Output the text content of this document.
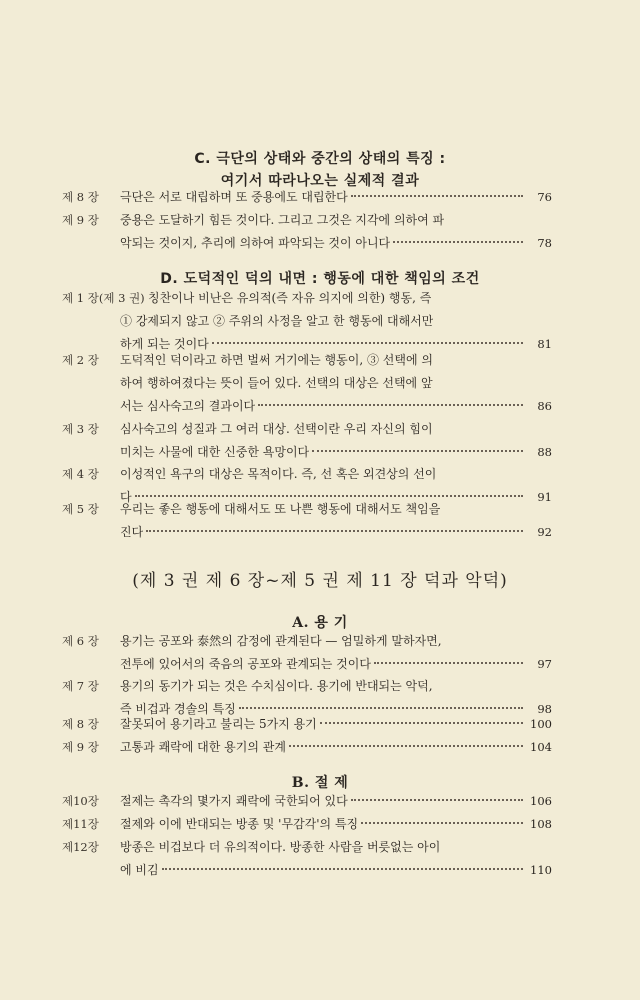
C. 극단의 상태와 중간의 상태의 특징 :
여기서 따라나오는 실제적 결과
제 8 장	극단은 서로 대립하며 또 중용에도 대립한다	76
제 9 장	중용은 도달하기 힘든 것이다. 그리고 그것은 지각에 의하여 파
악되는 것이지, 추리에 의하여 파악되는 것이 아니다	78
D. 도덕적인 덕의 내면 : 행동에 대한 책임의 조건
제 1 장(제 3 권) 칭찬이나 비난은 유의적(즉 자유 의지에 의한) 행동, 즉
① 강제되지 않고 ② 주위의 사정을 알고 한 행동에 대해서만
하게 되는 것이다	81
제 2 장	도덕적인 덕이라고 하면 벌써 거기에는 행동이, ③ 선택에 의
하여 행하여졌다는 뜻이 들어 있다. 선택의 대상은 선택에 앞
서는 심사숙고의 결과이다	86
제 3 장	심사숙고의 성질과 그 여러 대상. 선택이란 우리 자신의 힘이
미치는 사물에 대한 신중한 욕망이다	88
제 4 장	이성적인 욕구의 대상은 목적이다. 즉, 선 혹은 외견상의 선이
다	91
제 5 장	우리는 좋은 행동에 대해서도 또 나쁜 행동에 대해서도 책임을
진다	92
(제 3 권 제 6 장~제 5 권 제 11 장 덕과 악덕)
A. 용 기
제 6 장	용기는 공포와 泰然의 감정에 관계된다 — 엄밀하게 말하자면,
전투에 있어서의 죽음의 공포와 관계되는 것이다	97
제 7 장	용기의 동기가 되는 것은 수치심이다. 용기에 반대되는 악덕,
즉 비겁과 경솔의 특징	98
제 8 장	잘못되어 용기라고 불리는 5가지 용기	100
제 9 장	고통과 쾌락에 대한 용기의 관계	104
B. 절 제
제10장	절제는 촉각의 몇가지 쾌락에 국한되어 있다	106
제11장	절제와 이에 반대되는 방종 및 '무감각'의 특징	108
제12장	방종은 비겁보다 더 유의적이다. 방종한 사람을 버릇없는 아이
에 비김	110
